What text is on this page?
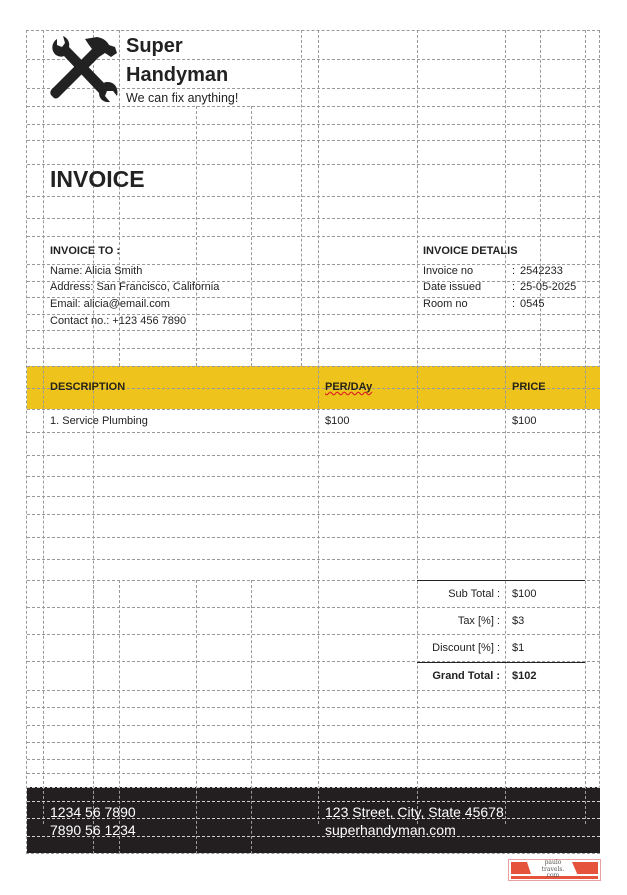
Super
Handyman
We can fix anything!
INVOICE
INVOICE TO :
Name: Alicia Smith
Address: San Francisco, California
Email: alicia@email.com
Contact no.: +123 456 7890
INVOICE DETALIS
Invoice no	: 2542233
Date issued	: 25-05-2025
Room no	: 0545
DESCRIPTION	PER/DAy	PRICE
1. Service Plumbing	$100	$100
Sub Total : $100
Tax [%] : $3
Discount [%] : $1
Grand Total : $102
1234 56 7890
7890 56 1234
123 Street, City, State 45678
superhandyman.com
paulo
travels.
com
